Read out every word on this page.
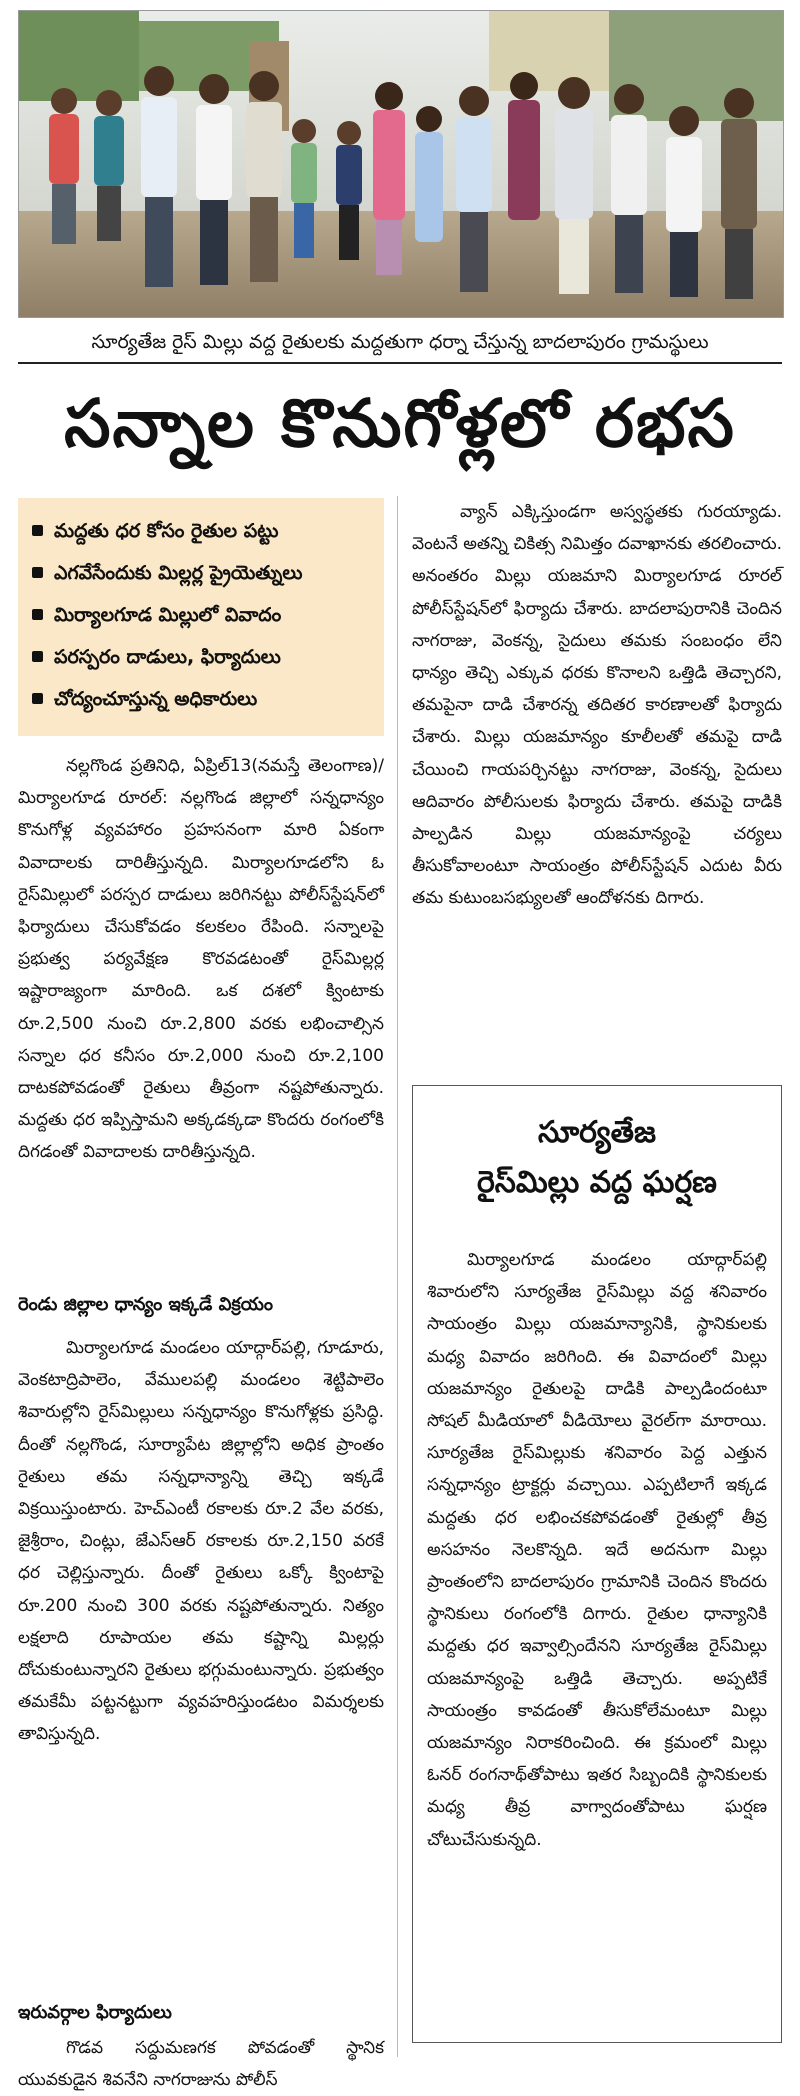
సూర్యతేజ రైస్ మిల్లు వద్ద రైతులకు మద్దతుగా ధర్నా చేస్తున్న బాదలాపురం గ్రామస్థులు
సన్నాల కొనుగోళ్లలో రభస
మద్దతు ధర కోసం రైతుల పట్టు
ఎగవేసేందుకు మిల్లర్ల ప్రైయెత్నులు
మిర్యాలగూడ మిల్లులో వివాదం
పరస్పరం దాడులు, ఫిర్యాదులు
చోద్యంచూస్తున్న అధికారులు

నల్లగొండ ప్రతినిధి, ఏప్రిల్13(నమస్తే తెలంగాణ)/మిర్యాలగూడ రూరల్: నల్లగొండ జిల్లాలో సన్నధాన్యం కొనుగోళ్ల వ్యవహారం ప్రహసనంగా మారి ఏకంగా వివాదాలకు దారితీస్తున్నది. మిర్యాలగూడలోని ఓ రైస్‌మిల్లులో పరస్పర దాడులు జరిగినట్టు పోలీస్‌స్టేషన్‌లో ఫిర్యాదులు చేసుకోవడం కలకలం రేపింది. సన్నాలపై ప్రభుత్వ పర్యవేక్షణ కొరవడటంతో రైస్‌మిల్లర్ల ఇష్టారాజ్యంగా మారింది. ఒక దశలో క్వింటాకు రూ.2,500 నుంచి రూ.2,800 వరకు లభించాల్సిన సన్నాల ధర కనీసం రూ.2,000 నుంచి రూ.2,100 దాటకపోవడంతో రైతులు తీవ్రంగా నష్టపోతున్నారు. మద్దతు ధర ఇప్పిస్తామని అక్కడక్కడా కొందరు రంగంలోకి దిగడంతో వివాదాలకు దారితీస్తున్నది.

రెండు జిల్లాల ధాన్యం ఇక్కడే విక్రయం

మిర్యాలగూడ మండలం యాద్గార్‌పల్లి, గూడూరు, వెంకటాద్రిపాలెం, వేములపల్లి మండలం శెట్టిపాలెం శివారుల్లోని రైస్‌మిల్లులు సన్నధాన్యం కొనుగోళ్లకు ప్రసిద్ధి. దీంతో నల్లగొండ, సూర్యాపేట జిల్లాల్లోని అధిక ప్రాంతం రైతులు తమ సన్నధాన్యాన్ని తెచ్చి ఇక్కడే విక్రయిస్తుంటారు. హెచ్‌ఎంటీ రకాలకు రూ.2 వేల వరకు, జైశ్రీరాం, చింట్లు, జేఎస్‌ఆర్ రకాలకు రూ.2,150 వరకే ధర చెల్లిస్తున్నారు. దీంతో రైతులు ఒక్కో క్వింటాపై రూ.200 నుంచి 300 వరకు నష్టపోతున్నారు. నిత్యం లక్షలాది రూపాయల తమ కష్టాన్ని మిల్లర్లు దోచుకుంటున్నారని రైతులు భగ్గుమంటున్నారు. ప్రభుత్వం తమకేమీ పట్టనట్టుగా వ్యవహరిస్తుండటం విమర్శలకు తావిస్తున్నది.

ఇరువర్గాల ఫిర్యాదులు

గొడవ సద్దుమణగక పోవడంతో స్థానిక యువకుడైన శివనేని నాగరాజును పోలీస్

వ్యాన్ ఎక్కిస్తుండగా అస్వస్థతకు గురయ్యాడు. వెంటనే అతన్ని చికిత్స నిమిత్తం దవాఖానకు తరలించారు. అనంతరం మిల్లు యజమాని మిర్యాలగూడ రూరల్ పోలీస్‌స్టేషన్‌లో ఫిర్యాదు చేశారు. బాదలాపురానికి చెందిన నాగరాజు, వెంకన్న, సైదులు తమకు సంబంధం లేని ధాన్యం తెచ్చి ఎక్కువ ధరకు కొనాలని ఒత్తిడి తెచ్చారని, తమపైనా దాడి చేశారన్న తదితర కారణాలతో ఫిర్యాదు చేశారు. మిల్లు యజమాన్యం కూలీలతో తమపై దాడి చేయించి గాయపర్చినట్టు నాగరాజు, వెంకన్న, సైదులు ఆదివారం పోలీసులకు ఫిర్యాదు చేశారు. తమపై దాడికి పాల్పడిన మిల్లు యజమాన్యంపై చర్యలు తీసుకోవాలంటూ సాయంత్రం పోలీస్‌స్టేషన్ ఎదుట వీరు తమ కుటుంబసభ్యులతో ఆందోళనకు దిగారు.

సూర్యతేజ
రైస్‌మిల్లు వద్ద ఘర్షణ

మిర్యాలగూడ మండలం యాద్గార్‌పల్లి శివారులోని సూర్యతేజ రైస్‌మిల్లు వద్ద శనివారం సాయంత్రం మిల్లు యజమాన్యానికి, స్థానికులకు మధ్య వివాదం జరిగింది. ఈ వివాదంలో మిల్లు యజమాన్యం రైతులపై దాడికి పాల్పడిందంటూ సోషల్ మీడియాలో వీడియోలు వైరల్‌గా మారాయి. సూర్యతేజ రైస్‌మిల్లుకు శనివారం పెద్ద ఎత్తున సన్నధాన్యం ట్రాక్టర్లు వచ్చాయి. ఎప్పటిలాగే ఇక్కడ మద్దతు ధర లభించకపోవడంతో రైతుల్లో తీవ్ర అసహనం నెలకొన్నది. ఇదే అదనుగా మిల్లు ప్రాంతంలోని బాదలాపురం గ్రామానికి చెందిన కొందరు స్థానికులు రంగంలోకి దిగారు. రైతుల ధాన్యానికి మద్దతు ధర ఇవ్వాల్సిందేనని సూర్యతేజ రైస్‌మిల్లు యజమాన్యంపై ఒత్తిడి తెచ్చారు. అప్పటికే సాయంత్రం కావడంతో తీసుకోలేమంటూ మిల్లు యజమాన్యం నిరాకరించింది. ఈ క్రమంలో మిల్లు ఓనర్ రంగనాథ్‌తోపాటు ఇతర సిబ్బందికి స్థానికులకు మధ్య తీవ్ర వాగ్వాదంతోపాటు ఘర్షణ చోటుచేసుకున్నది.
